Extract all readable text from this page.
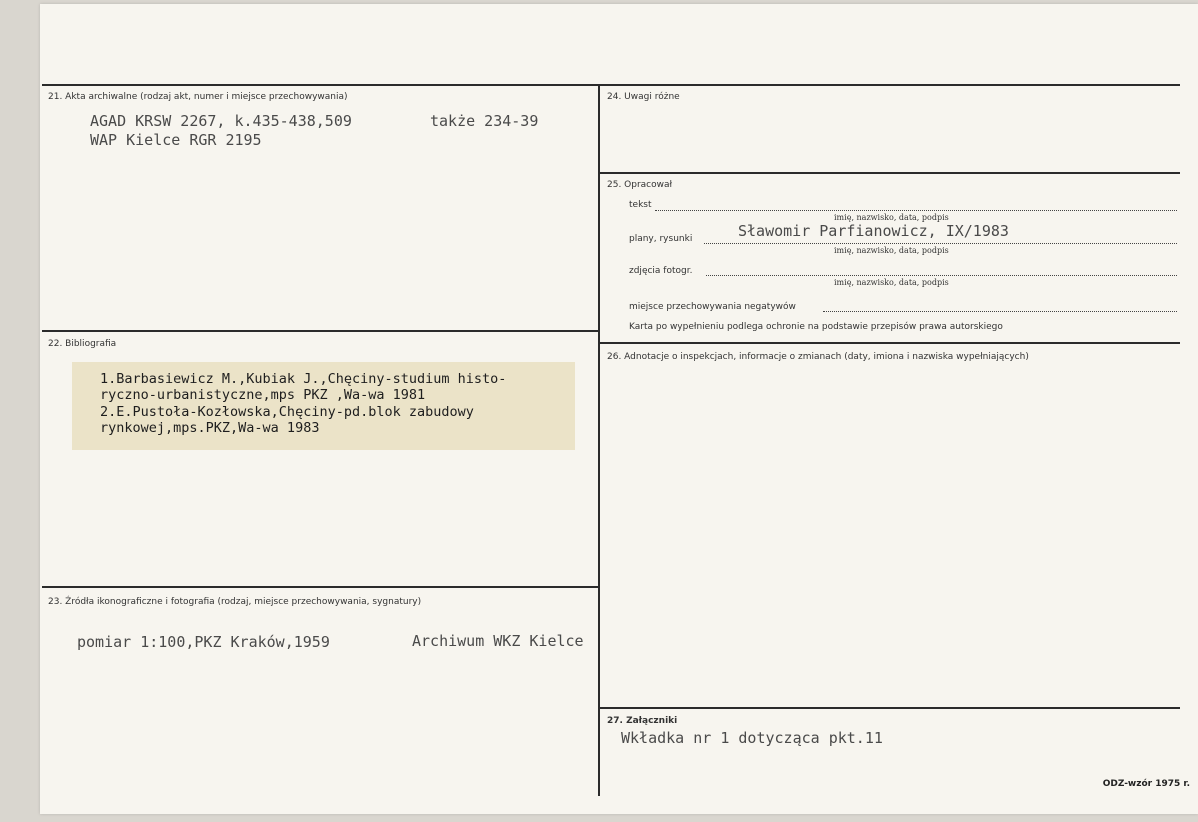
21. Akta archiwalne (rodzaj akt, numer i miejsce przechowywania)
AGAD KRSW 2267, k.435-438,509	także 234-39
WAP Kielce RGR 2195
22. Bibliografia
1.Barbasiewicz M.,Kubiak J.,Chęciny-studium histo-
ryczno-urbanistyczne,mps PKZ ,Wa-wa 1981
2.E.Pustoła-Kozłowska,Chęciny-pd.blok zabudowy
rynkowej,mps.PKZ,Wa-wa 1983
23. Źródła ikonograficzne i fotografia (rodzaj, miejsce przechowywania, sygnatury)
pomiar 1:100,PKZ Kraków,1959	Archiwum WKZ Kielce
24. Uwagi różne
25. Opracował
tekst
imię, nazwisko, data, podpis
plany, rysunki	Sławomir Parfianowicz, IX/1983
imię, nazwisko, data, podpis
zdjęcia fotogr.
imię, nazwisko, data, podpis
miejsce przechowywania negatywów
Karta po wypełnieniu podlega ochronie na podstawie przepisów prawa autorskiego
26. Adnotacje o inspekcjach, informacje o zmianach (daty, imiona i nazwiska wypełniających)
27. Załączniki
Wkładka nr 1 dotycząca pkt.11
ODZ-wzór 1975 r.
